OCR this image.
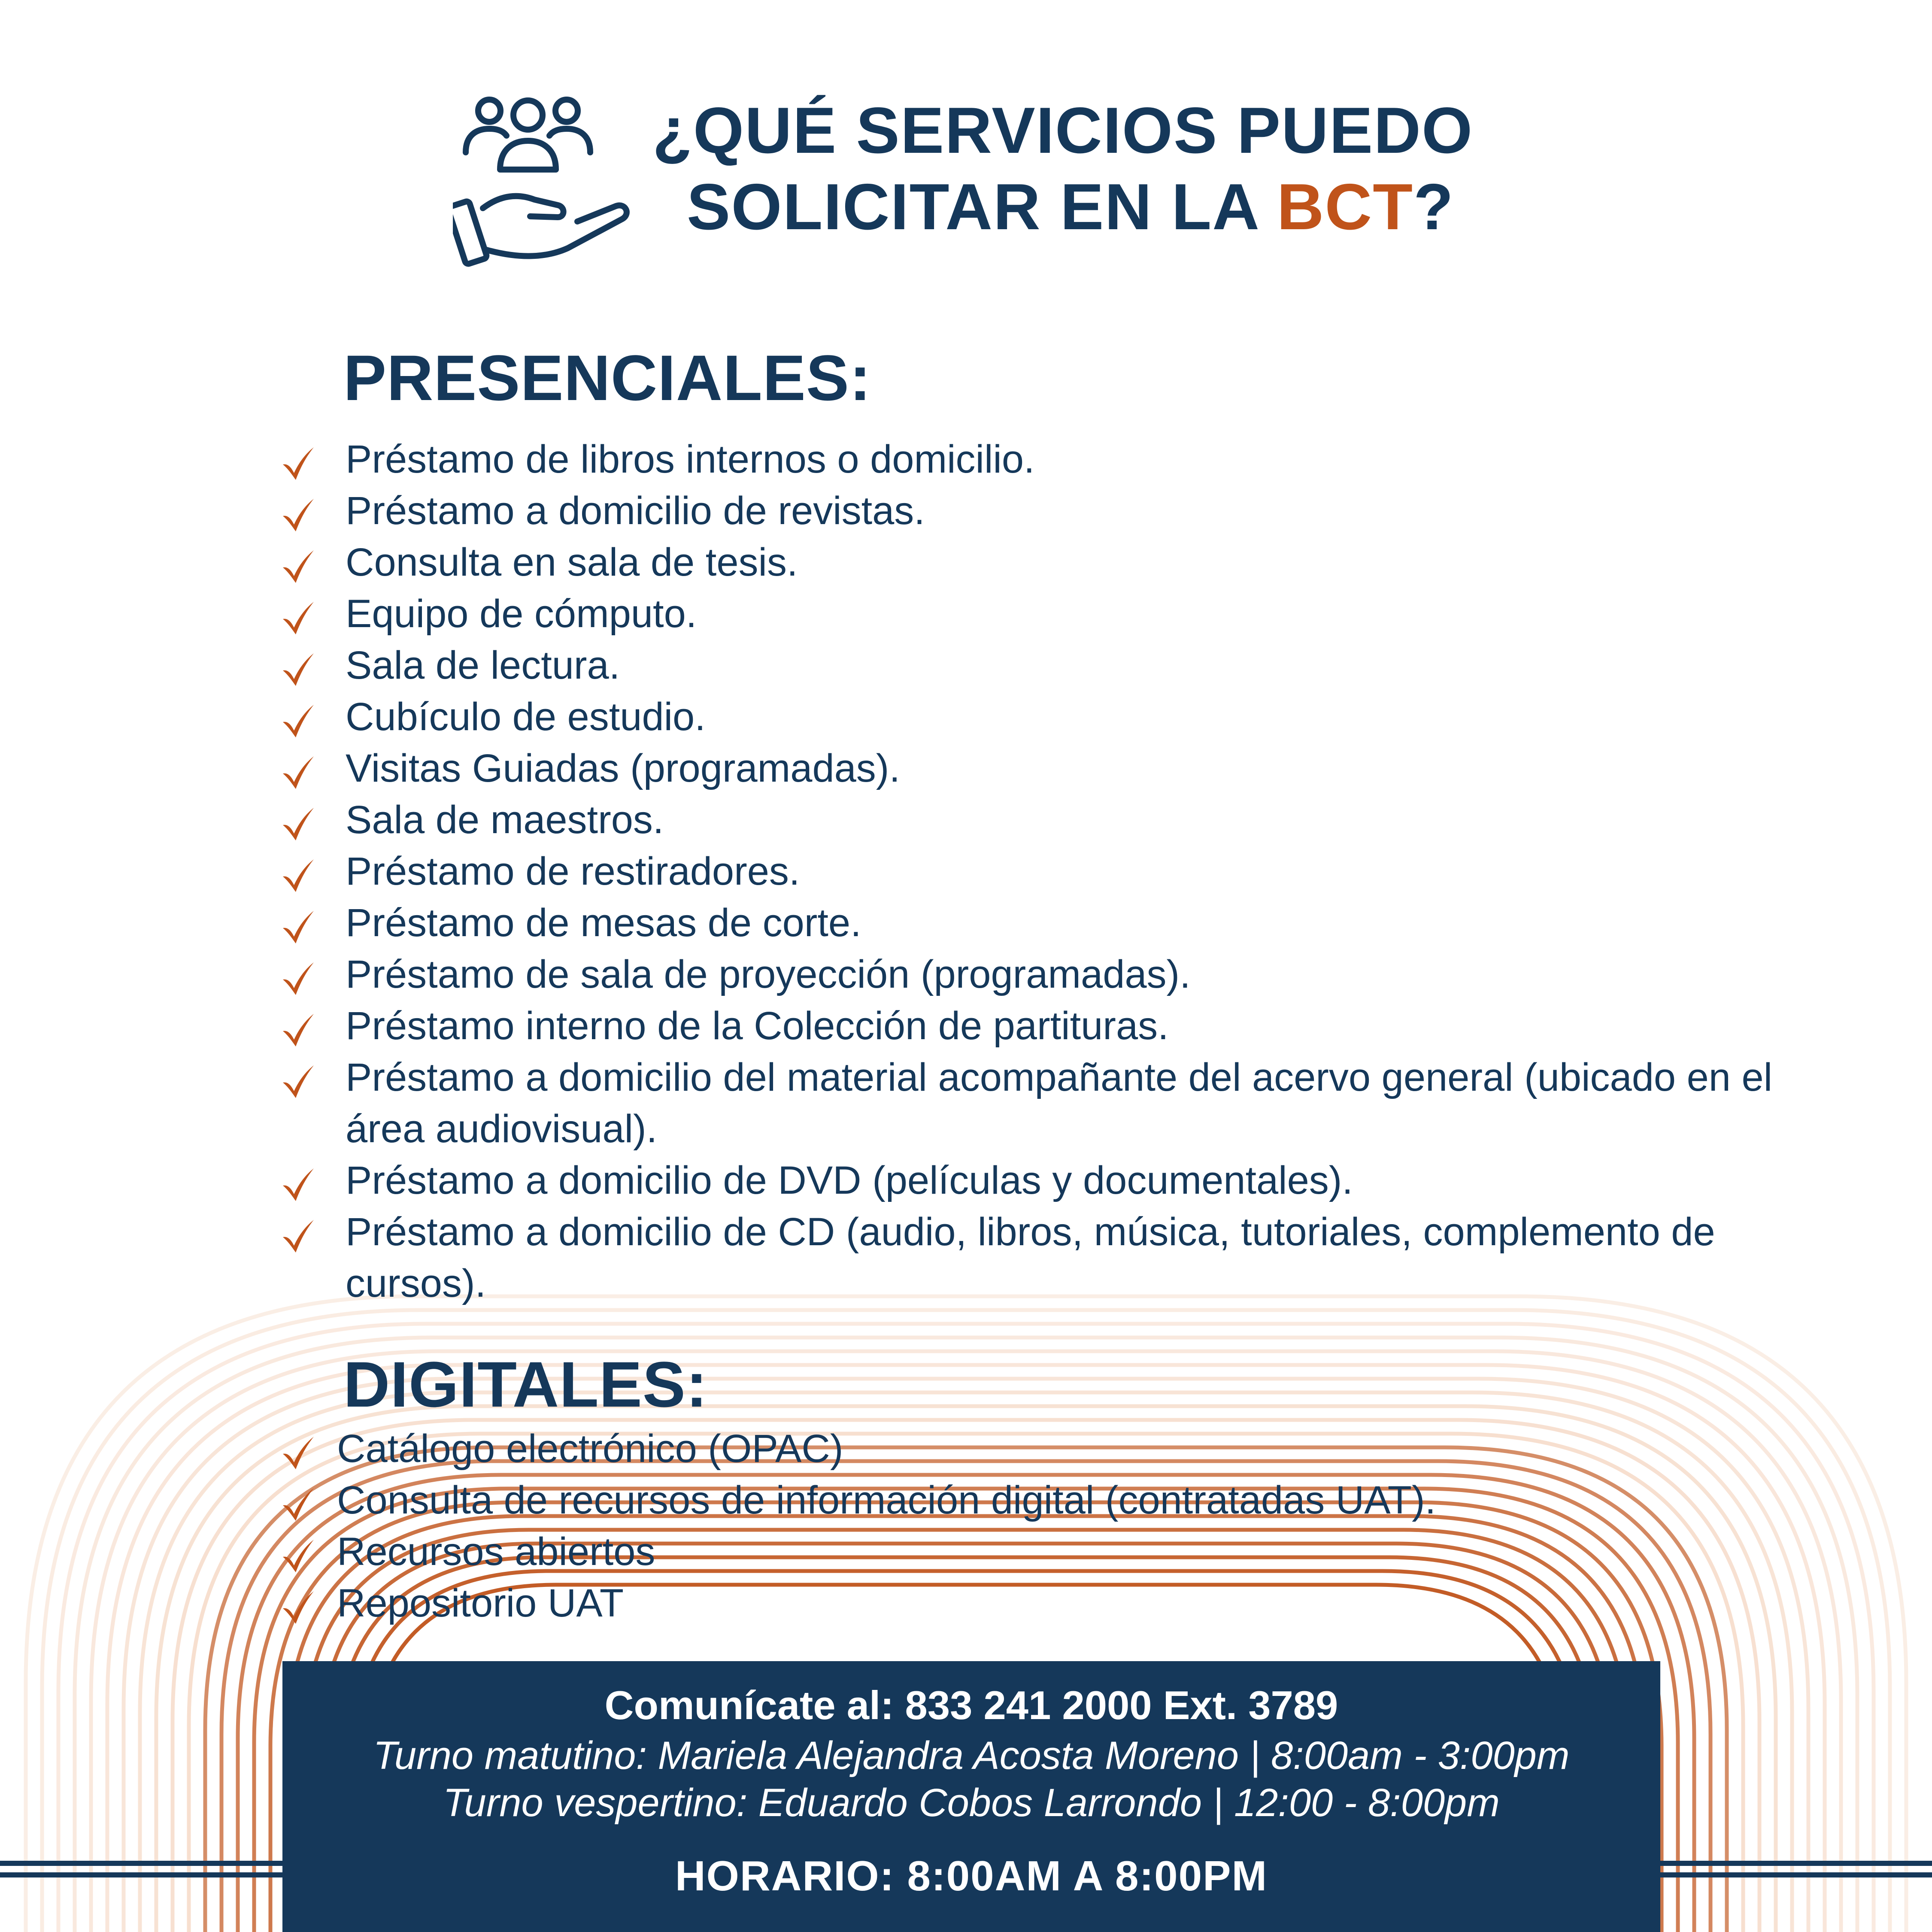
¿QUÉ SERVICIOS PUEDO
SOLICITAR EN LA BCT?
PRESENCIALES:
Préstamo de libros internos o domicilio.
Préstamo a domicilio de revistas.
Consulta en sala de tesis.
Equipo de cómputo.
Sala de lectura.
Cubículo de estudio.
Visitas Guiadas (programadas).
Sala de maestros.
Préstamo de restiradores.
Préstamo de mesas de corte.
Préstamo de sala de proyección (programadas).
Préstamo interno de la Colección de partituras.
Préstamo a domicilio del material acompañante del acervo general (ubicado en el área audiovisual).
Préstamo a domicilio de DVD (películas y documentales).
Préstamo a domicilio de CD (audio, libros, música, tutoriales, complemento de cursos).
DIGITALES:
Catálogo electrónico (OPAC)
Consulta de recursos de información digital (contratadas UAT).
Recursos abiertos
Repositorio UAT
Comunícate al: 833 241 2000 Ext. 3789
Turno matutino: Mariela Alejandra Acosta Moreno | 8:00am - 3:00pm
Turno vespertino: Eduardo Cobos Larrondo | 12:00 - 8:00pm
HORARIO: 8:00AM A 8:00PM
